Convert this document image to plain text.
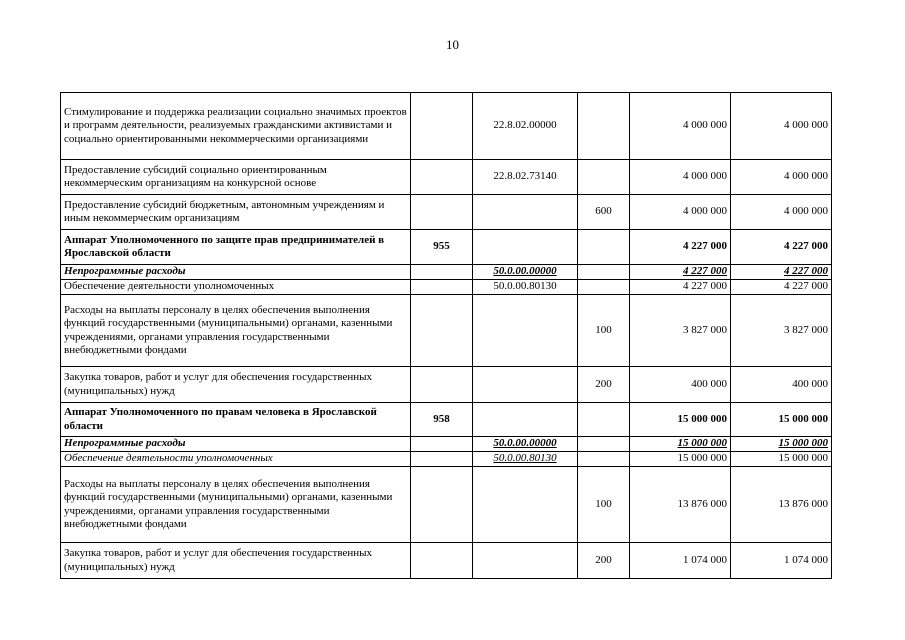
10
Стимулирование и поддержка реализации социально значимых проектов и программ деятельности, реализуемых гражданскими активистами и социально ориентированными некоммерческими организациями		22.8.02.00000		4 000 000	4 000 000
Предоставление субсидий социально ориентированным некоммерческим организациям на конкурсной основе		22.8.02.73140		4 000 000	4 000 000
Предоставление субсидий бюджетным, автономным учреждениям и иным некоммерческим организациям			600	4 000 000	4 000 000
Аппарат Уполномоченного по защите прав предпринимателей в Ярославской области	955			4 227 000	4 227 000
Непрограммные расходы		50.0.00.00000		4 227 000	4 227 000
Обеспечение деятельности уполномоченных		50.0.00.80130		4 227 000	4 227 000
Расходы на выплаты персоналу в целях обеспечения выполнения функций государственными (муниципальными) органами, казенными учреждениями, органами управления государственными внебюджетными фондами			100	3 827 000	3 827 000
Закупка товаров, работ и услуг для обеспечения государственных (муниципальных) нужд			200	400 000	400 000
Аппарат Уполномоченного по правам человека в Ярославской области	958			15 000 000	15 000 000
Непрограммные расходы		50.0.00.00000		15 000 000	15 000 000
Обеспечение деятельности уполномоченных		50.0.00.80130		15 000 000	15 000 000
Расходы на выплаты персоналу в целях обеспечения выполнения функций государственными (муниципальными) органами, казенными учреждениями, органами управления государственными внебюджетными фондами			100	13 876 000	13 876 000
Закупка товаров, работ и услуг для обеспечения государственных (муниципальных) нужд			200	1 074 000	1 074 000
